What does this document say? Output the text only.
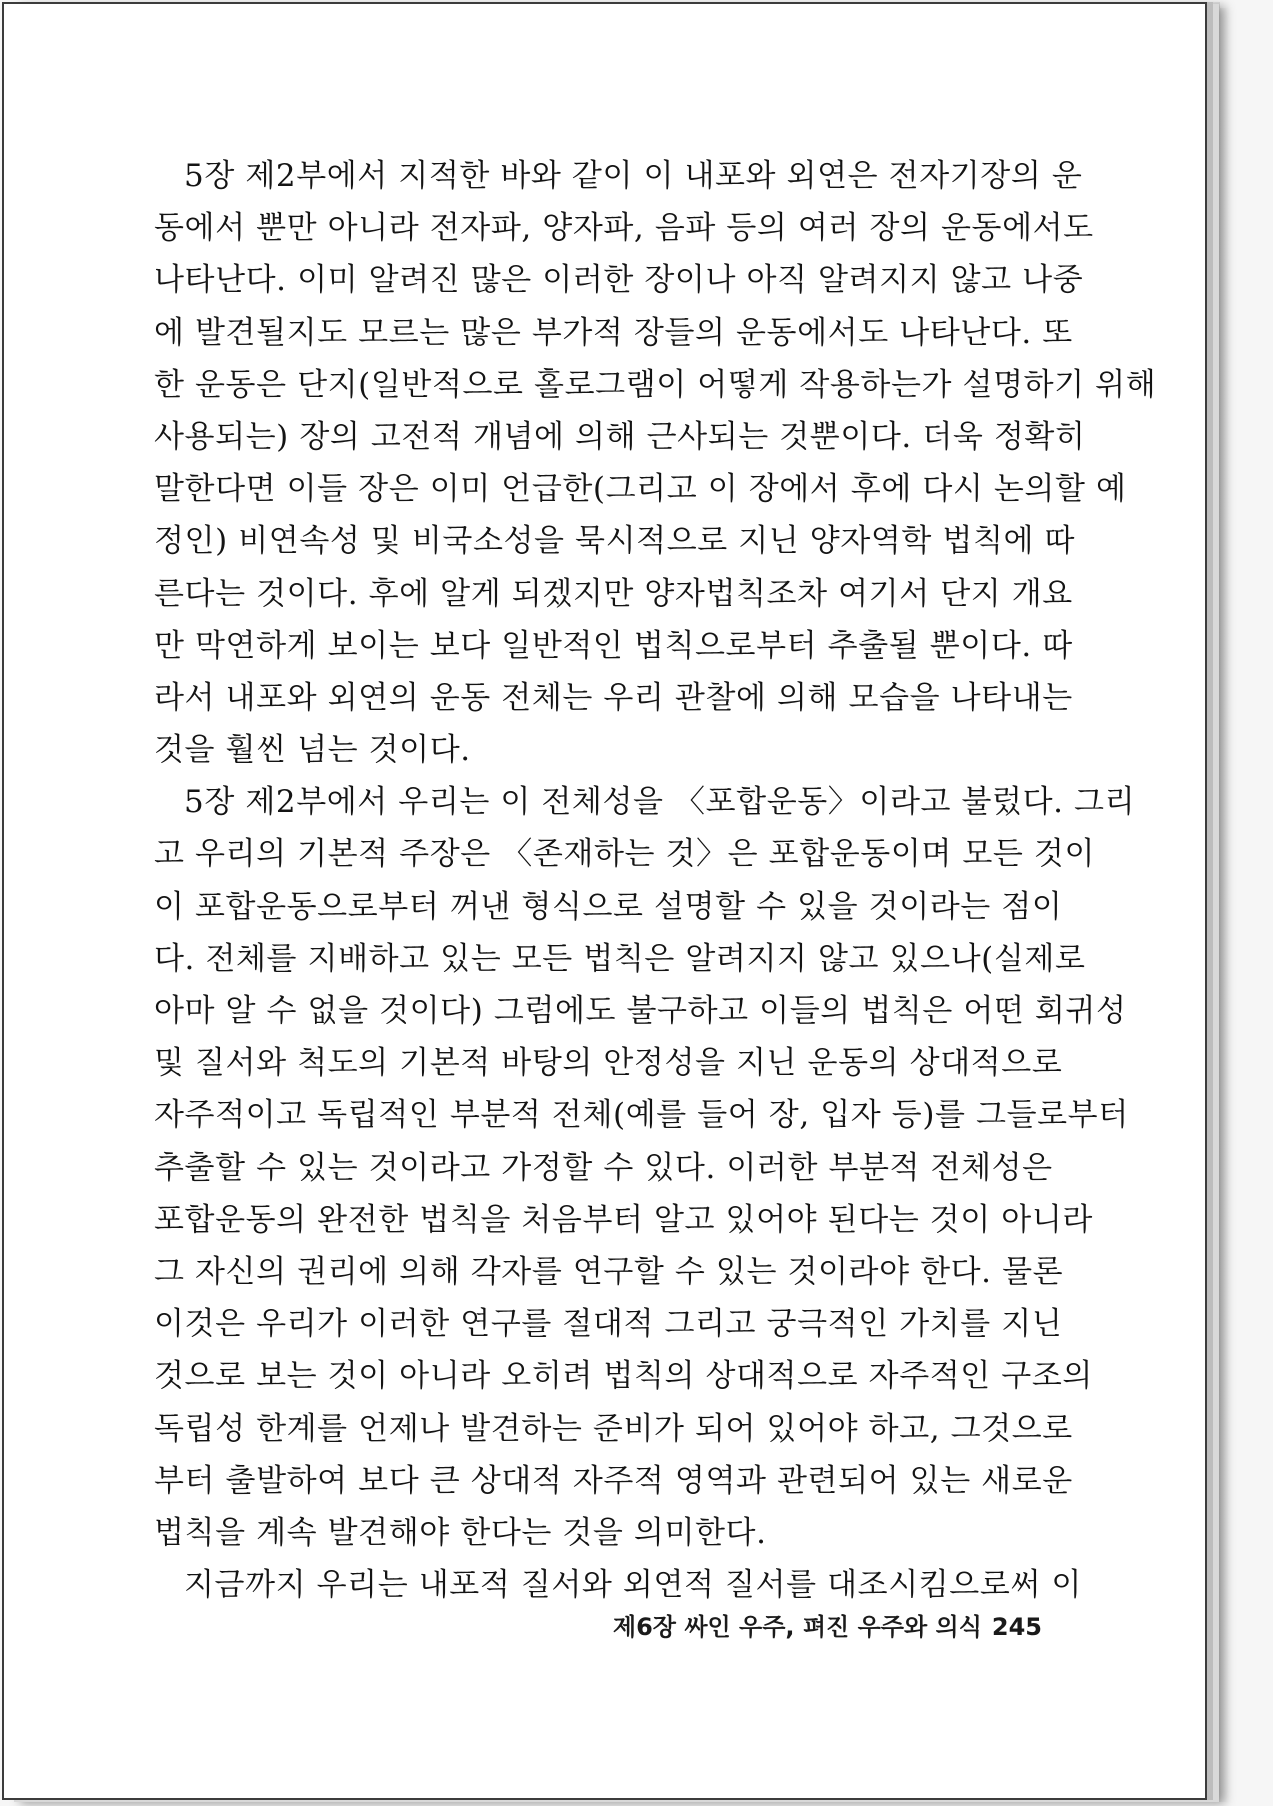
5장 제2부에서 지적한 바와 같이 이 내포와 외연은 전자기장의 운
동에서 뿐만 아니라 전자파, 양자파, 음파 등의 여러 장의 운동에서도
나타난다. 이미 알려진 많은 이러한 장이나 아직 알려지지 않고 나중
에 발견될지도 모르는 많은 부가적 장들의 운동에서도 나타난다. 또
한 운동은 단지(일반적으로 홀로그램이 어떻게 작용하는가 설명하기 위해
사용되는) 장의 고전적 개념에 의해 근사되는 것뿐이다. 더욱 정확히
말한다면 이들 장은 이미 언급한(그리고 이 장에서 후에 다시 논의할 예
정인) 비연속성 및 비국소성을 묵시적으로 지닌 양자역학 법칙에 따
른다는 것이다. 후에 알게 되겠지만 양자법칙조차 여기서 단지 개요
만 막연하게 보이는 보다 일반적인 법칙으로부터 추출될 뿐이다. 따
라서 내포와 외연의 운동 전체는 우리 관찰에 의해 모습을 나타내는
것을 훨씬 넘는 것이다.
5장 제2부에서 우리는 이 전체성을 〈포합운동〉이라고 불렀다. 그리
고 우리의 기본적 주장은 〈존재하는 것〉은 포합운동이며 모든 것이
이 포합운동으로부터 꺼낸 형식으로 설명할 수 있을 것이라는 점이
다. 전체를 지배하고 있는 모든 법칙은 알려지지 않고 있으나(실제로
아마 알 수 없을 것이다) 그럼에도 불구하고 이들의 법칙은 어떤 회귀성
및 질서와 척도의 기본적 바탕의 안정성을 지닌 운동의 상대적으로
자주적이고 독립적인 부분적 전체(예를 들어 장, 입자 등)를 그들로부터
추출할 수 있는 것이라고 가정할 수 있다. 이러한 부분적 전체성은
포합운동의 완전한 법칙을 처음부터 알고 있어야 된다는 것이 아니라
그 자신의 권리에 의해 각자를 연구할 수 있는 것이라야 한다. 물론
이것은 우리가 이러한 연구를 절대적 그리고 궁극적인 가치를 지닌
것으로 보는 것이 아니라 오히려 법칙의 상대적으로 자주적인 구조의
독립성 한계를 언제나 발견하는 준비가 되어 있어야 하고, 그것으로
부터 출발하여 보다 큰 상대적 자주적 영역과 관련되어 있는 새로운
법칙을 계속 발견해야 한다는 것을 의미한다.
지금까지 우리는 내포적 질서와 외연적 질서를 대조시킴으로써 이
제6장 싸인 우주, 펴진 우주와 의식 245
